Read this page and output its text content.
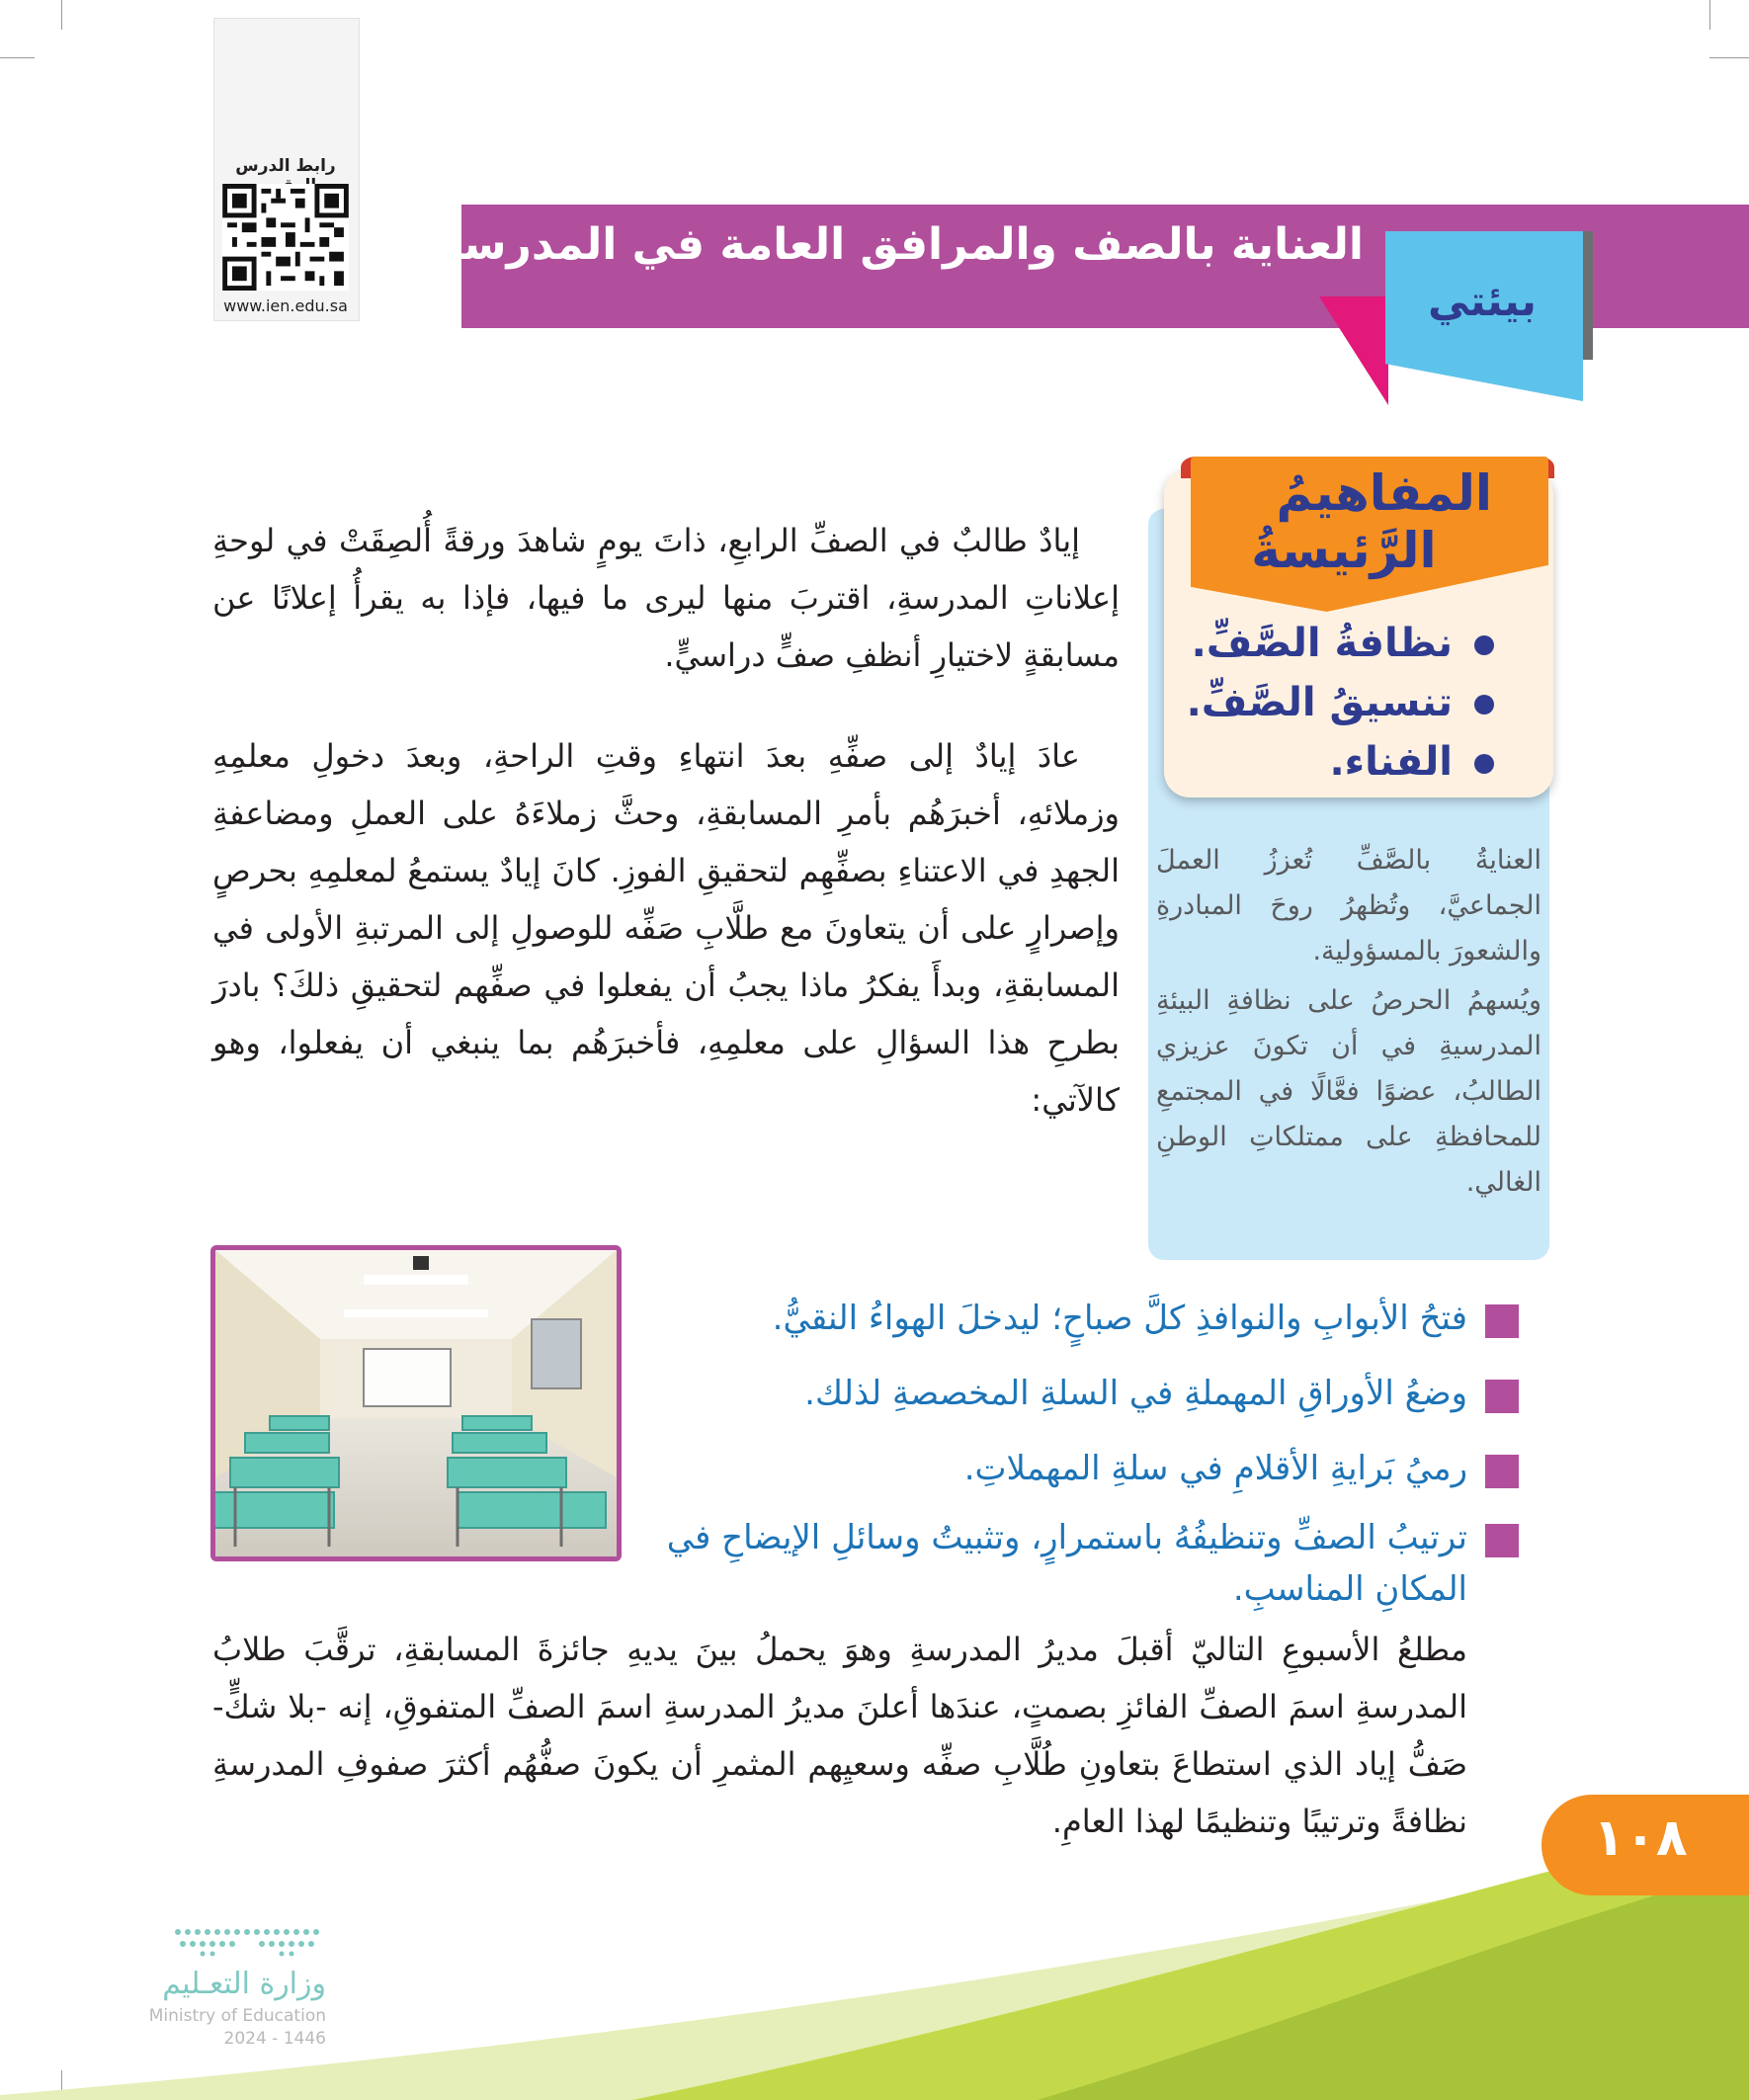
رابط الدرس
www.ien.edu.sa
العناية بالصف والمرافق العامة في المدرسة
بيئتي
المفاهيمُ
الرَّئيسةُ
نظافةُ الصَّفِّ.
تنسيقُ الصَّفِّ.
الفناء.
العنايةُ بالصَّفِّ تُعززُ العملَ الجماعيَّ، وتُظهرُ روحَ المبادرةِ والشعورَ بالمسؤولية.
ويُسهمُ الحرصُ على نظافةِ البيئةِ المدرسيةِ في أن تكونَ عزيزي الطالبُ، عضوًا فعَّالًا في المجتمعِ للمحافظةِ على ممتلكاتِ الوطنِ الغالي.
إيادٌ طالبٌ في الصفِّ الرابعِ، ذاتَ يومٍ شاهدَ ورقةً أُلصِقَتْ في لوحةِ إعلاناتِ المدرسةِ، اقتربَ منها ليرى ما فيها، فإذا به يقرأُ إعلانًا عن مسابقةٍ لاختيارِ أنظفِ صفٍّ دراسيٍّ.
عادَ إيادٌ إلى صفِّهِ بعدَ انتهاءِ وقتِ الراحةِ، وبعدَ دخولِ معلمِهِ وزملائهِ، أخبرَهُم بأمرِ المسابقةِ، وحثَّ زملاءَهُ على العملِ ومضاعفةِ الجهدِ في الاعتناءِ بصفِّهِم لتحقيقِ الفوزِ. كانَ إيادٌ يستمعُ لمعلمِهِ بحرصٍ وإصرارٍ على أن يتعاونَ مع طلَّابِ صَفِّه للوصولِ إلى المرتبةِ الأولى في المسابقةِ، وبدأَ يفكرُ ماذا يجبُ أن يفعلوا في صفِّهم لتحقيقِ ذلكَ؟ بادرَ بطرحِ هذا السؤالِ على معلمِهِ، فأخبرَهُم بما ينبغي أن يفعلوا، وهو كالآتي:
فتحُ الأبوابِ والنوافذِ كلَّ صباحٍ؛ ليدخلَ الهواءُ النقيُّ.
وضعُ الأوراقِ المهملةِ في السلةِ المخصصةِ لذلك.
رميُ بَرايةِ الأقلامِ في سلةِ المهملاتِ.
ترتيبُ الصفِّ وتنظيفُهُ باستمرارٍ، وتثبيتُ وسائلِ الإيضاحِ في
المكانِ المناسبِ.
مطلعُ الأسبوعِ التاليّ أقبلَ مديرُ المدرسةِ وهوَ يحملُ بينَ يديهِ جائزةَ المسابقةِ، ترقَّبَ طلابُ المدرسةِ اسمَ الصفِّ الفائزِ بصمتٍ، عندَها أعلنَ مديرُ المدرسةِ اسمَ الصفِّ المتفوقِ، إنه -بلا شكٍّ- صَفُّ إياد الذي استطاعَ بتعاونِ طُلَّابِ صفِّه وسعيِهم المثمرِ أن يكونَ صفُّهُم أكثرَ صفوفِ المدرسةِ نظافةً وترتيبًا وتنظيمًا لهذا العامِ.	١٠٨
وزارة التعـليم
Ministry of Education
2024 - 1446
